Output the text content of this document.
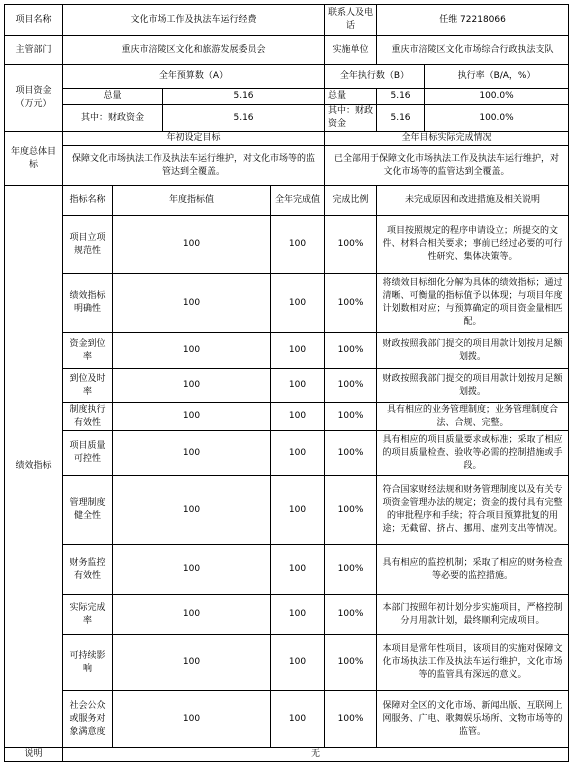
项目名称	文化市场工作及执法车运行经费				联系人及电话	任维 72218066	
主管部门	重庆市涪陵区文化和旅游发展委员会				实施单位	重庆市涪陵区文化市场综合行政执法支队	
项目资金（万元）	全年预算数（A）				全年执行数（B）		执行率（B/A，%）
	总量		5.16		总量	5.16	100.0%
	其中：财政资金		5.16		其中：财政资金	5.16	100.0%

年度总体目标	年初设定目标				全年目标实际完成情况		
	保障文化市场执法工作及执法车运行维护，对文化市场等的监管达到全覆盖。				已全部用于保障文化市场执法工作及执法车运行维护，对文化市场等的监管达到全覆盖。		
绩效指标	指标名称	年度指标值		全年完成值	完成比例	未完成原因和改进措施及相关说明	
	项目立项规范性	100		100	100%	项目按照规定的程序申请设立；所提交的文件、材料合相关要求；事前已经过必要的可行性研究、集体决策等。	
	绩效指标明确性	100		100	100%	将绩效目标细化分解为具体的绩效指标；通过清晰、可衡量的指标值予以体现；与项目年度计划数相对应；与预算确定的项目资金量相匹配。	
	资金到位率	100		100	100%	财政按照我部门提交的项目用款计划按月足额划拨。	
	到位及时率	100		100	100%	财政按照我部门提交的项目用款计划按月足额划拨。	
	制度执行有效性	100		100	100%	具有相应的业务管理制度；业务管理制度合法、合规、完整。	
	项目质量可控性	100		100	100%	具有相应的项目质量要求或标准；采取了相应的项目质量检查、验收等必需的控制措施或手段。	
	管理制度健全性	100		100	100%	符合国家财经法规和财务管理制度以及有关专项资金管理办法的规定；资金的拨付具有完整的审批程序和手续；符合项目预算批复的用途；无截留、挤占、挪用、虚列支出等情况。	
	财务监控有效性	100		100	100%	具有相应的监控机制；采取了相应的财务检查等必要的监控措施。	
	实际完成率	100		100	100%	本部门按照年初计划分步实施项目，严格控制分月用款计划，最终顺利完成项目。	
	可持续影响	100		100	100%	本项目是常年性项目，该项目的实施对保障文化市场执法工作及执法车运行维护，文化市场等的监管具有深远的意义。	
	社会公众或服务对象满意度	100		100	100%	保障对全区的文化市场、新闻出版、互联网上网服务、广电、歌舞娱乐场所、文物市场等的监管。	
说明	无						
